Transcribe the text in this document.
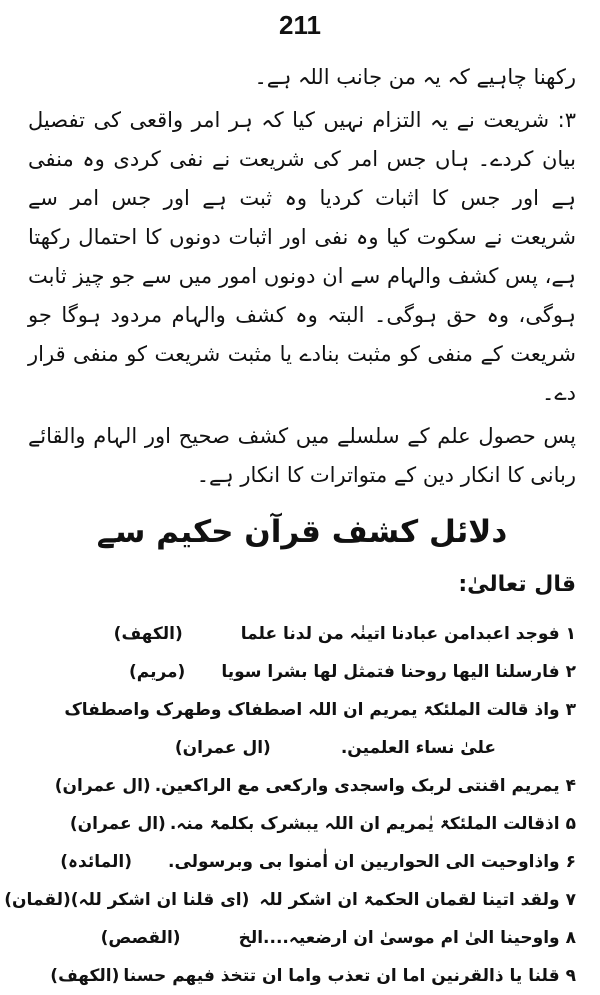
211

رکھنا چاہیے کہ یہ من جانب اللہ ہے۔

۳: شریعت نے یہ التزام نہیں کیا کہ ہر امر واقعی کی تفصیل بیان کردے۔ ہاں جس امر کی شریعت نے نفی کردی وہ منفی ہے اور جس کا اثبات کردیا وہ ثبت ہے اور جس امر سے شریعت نے سکوت کیا وہ نفی اور اثبات دونوں کا احتمال رکھتا ہے، پس کشف والہام سے ان دونوں امور میں سے جو چیز ثابت ہوگی، وہ حق ہوگی۔ البتہ وہ کشف والہام مردود ہوگا جو شریعت کے منفی کو مثبت بنادے یا مثبت شریعت کو منفی قرار دے۔

پس حصول علم کے سلسلے میں کشف صحیح اور الہام والقائے ربانی کا انکار دین کے متواترات کا انکار ہے۔

دلائل کشف قرآن حکیم سے
قال تعالیٰ:
۱
فوجد اعبدامن عبادنا اتینٰہ من لدنا علما
(الکھف)
۲
فارسلنا الیھا روحنا فتمثل لھا بشرا سویا
(مریم)
۳
واذ قالت الملئکۃ یمریم ان اللہ اصطفاک وطھرک واصطفاک
علیٰ نساء العلمین.
(ال عمران)
۴
یمریم اقنتی لربک واسجدی وارکعی مع الراکعین.
(ال عمران)
۵
اذقالت الملئکۃ یٰمریم ان اللہ یبشرک بکلمۃ منہ.
(ال عمران)
۶
واذاوحیت الی الحواریین ان اٰمنوا بی وبرسولی.
(المائدہ)
۷
ولقد اتینا لقمان الحکمۃ ان اشکر للہ
(ای قلنا ان اشکر للہ)(لقمان)
۸
واوحینا الیٰ ام موسیٰ ان ارضعیہ....الخ
(القصص)
۹
قلنا یا ذالقرنین اما ان تعذب واما ان تتخذ فیھم حسنا
(الکھف)
